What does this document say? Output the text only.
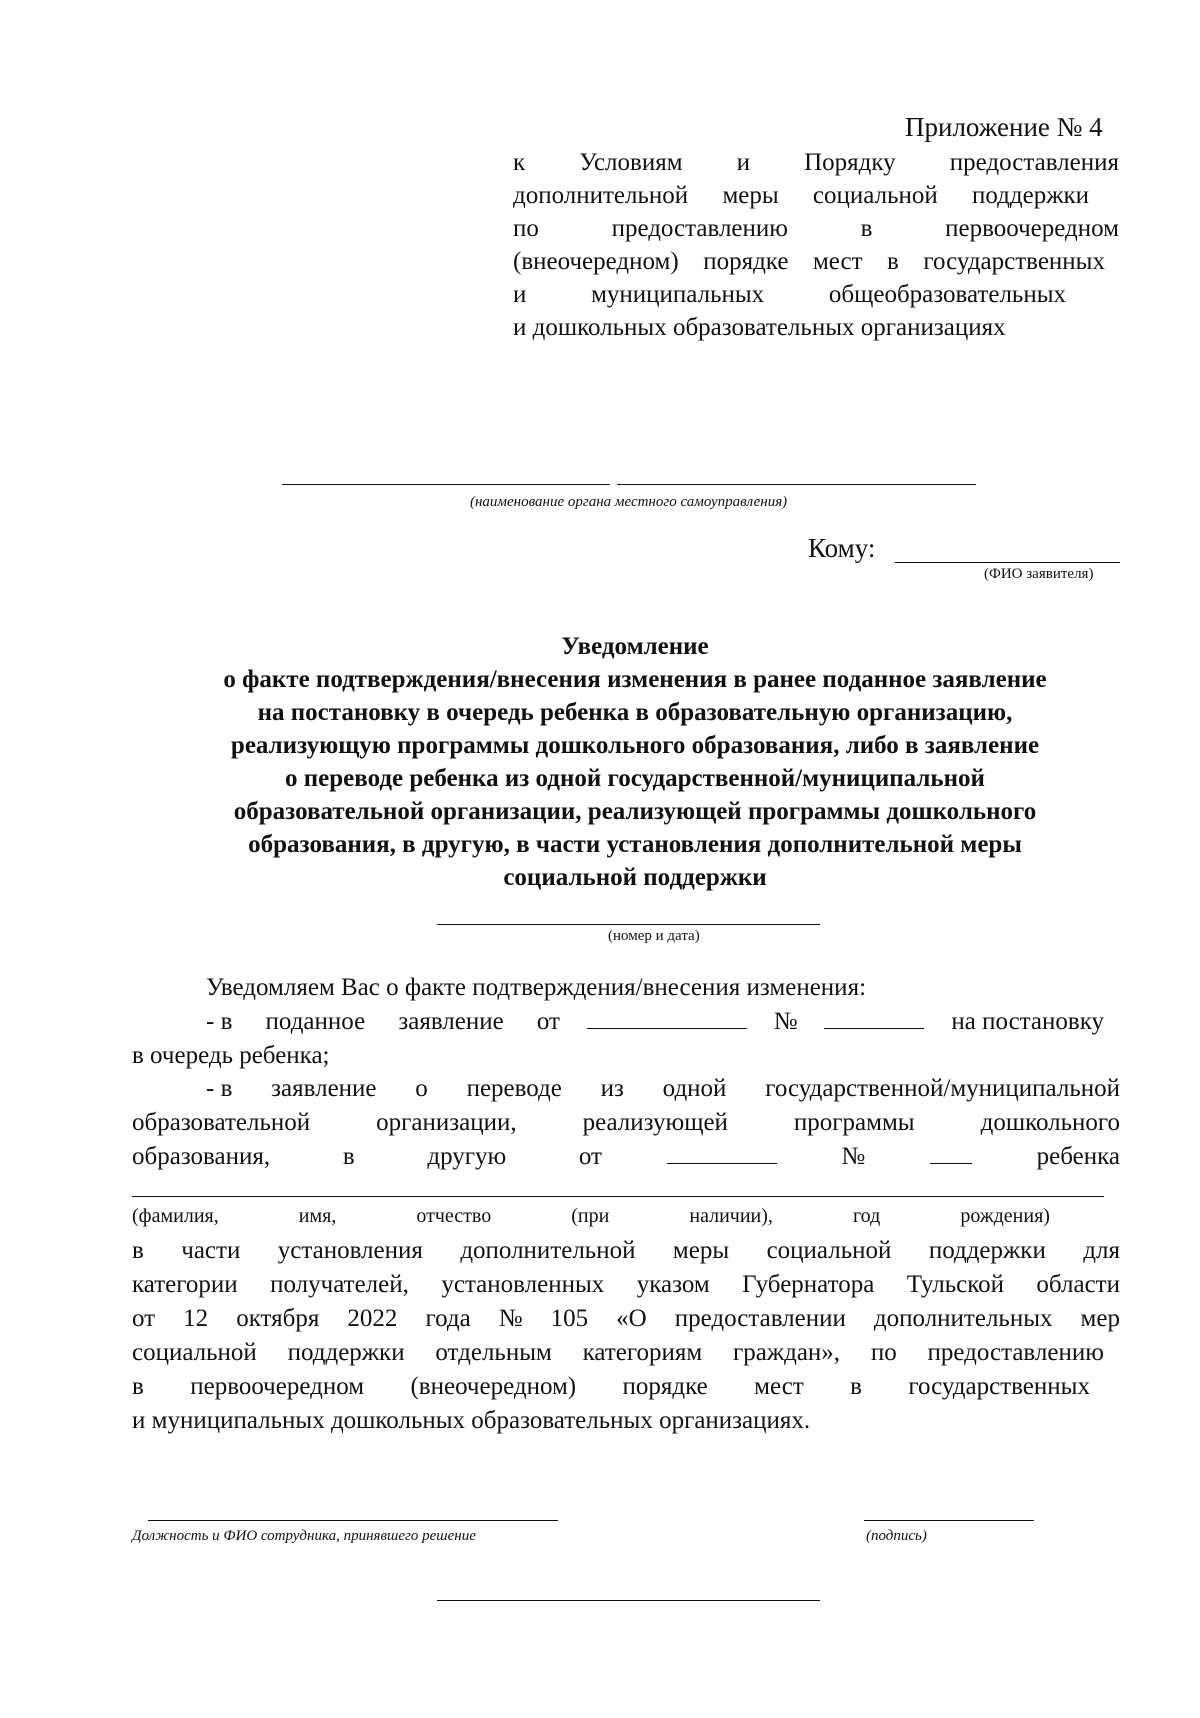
Приложение № 4
к Условиям и Порядку предоставления
дополнительной меры социальной поддержки
по	предоставлению	в	первоочередном
(внеочередном) порядке мест в государственных
и	муниципальных	общеобразовательных
и дошкольных образовательных организациях
(наименование органа местного самоуправления)
Кому:
(ФИО заявителя)
Уведомление
о факте подтверждения/внесения изменения в ранее поданное заявление
на постановку в очередь ребенка в образовательную организацию,
реализующую программы дошкольного образования, либо в заявление
о переводе ребенка из одной государственной/муниципальной
образовательной организации, реализующей программы дошкольного
образования, в другую, в части установления дополнительной меры
социальной поддержки
(номер и дата)
Уведомляем Вас о факте подтверждения/внесения изменения:
- в поданное заявление от	№	на постановку
в очередь ребенка;
- в заявление о переводе из одной государственной/муниципальной
образовательной	организации,	реализующей	программы	дошкольного
образования,	в	другую	от	№	ребенка
(фамилия,	имя,	отчество	(при	наличии),	год	рождения)
в части установления дополнительной меры социальной поддержки для
категории получателей, установленных указом Губернатора Тульской области
от 12 октября 2022 года № 105 «О предоставлении дополнительных мер
социальной поддержки отдельным категориям граждан», по предоставлению
в первоочередном (внеочередном) порядке мест в государственных
и муниципальных дошкольных образовательных организациях.
Должность и ФИО сотрудника, принявшего решение	(подпись)
